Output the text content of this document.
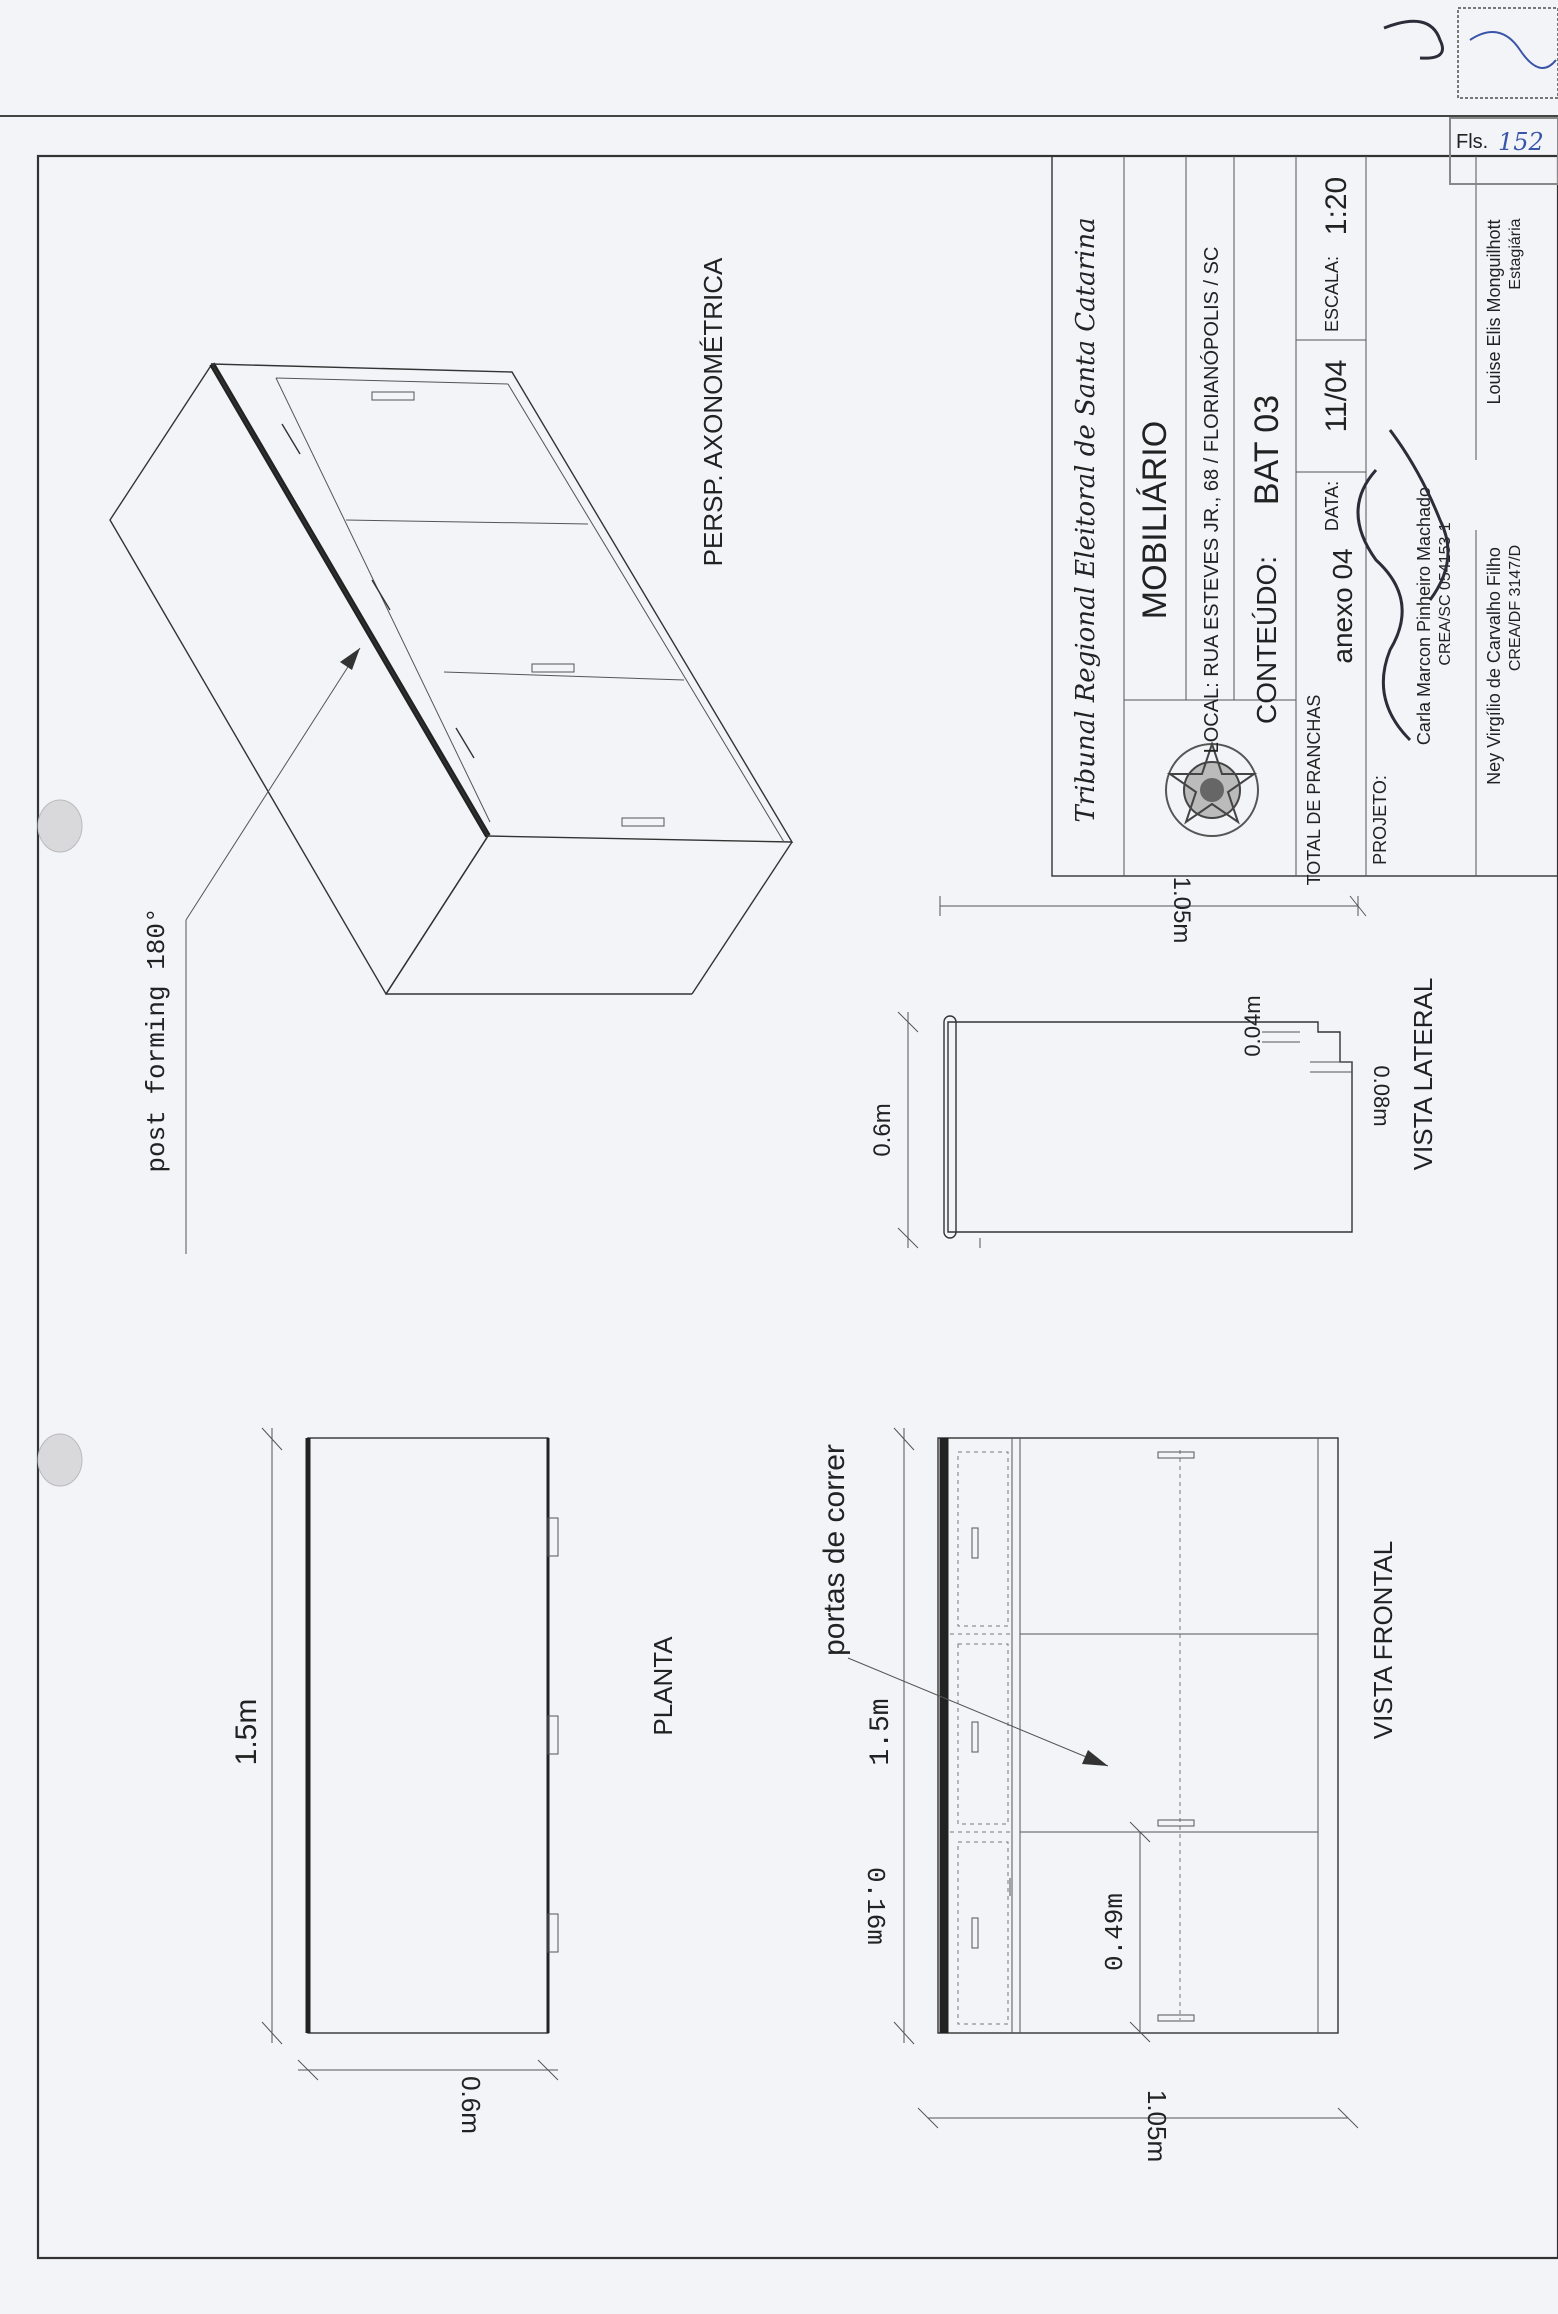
1.5m
0.6m
PLANTA	1.5m
1.05m
0.16m	0.49m
portas de correr	VISTA FRONTAL
0.6m
1.05m
0.04m
0.08m VISTA LATERAL
post forming 180°
PERSP. AXONOMÉTRICA	Tribunal Regional Eleitoral de Santa Catarina MOBILIÁRIO LOCAL: RUA ESTEVES JR., 68 / FLORIANÓPOLIS / SC CONTEÚDO:
BAT 03
TOTAL DE PRANCHAS
anexo 04
DATA:
11/04
ESCALA:
1:20
PROJETO:
Carla Marcon Pinheiro Machado CREA/SC 054153-1 Ney Virgílio de Carvalho Filho CREA/DF 3147/D
Louise Elis Monguilhott Estagiária
Fls. 152
